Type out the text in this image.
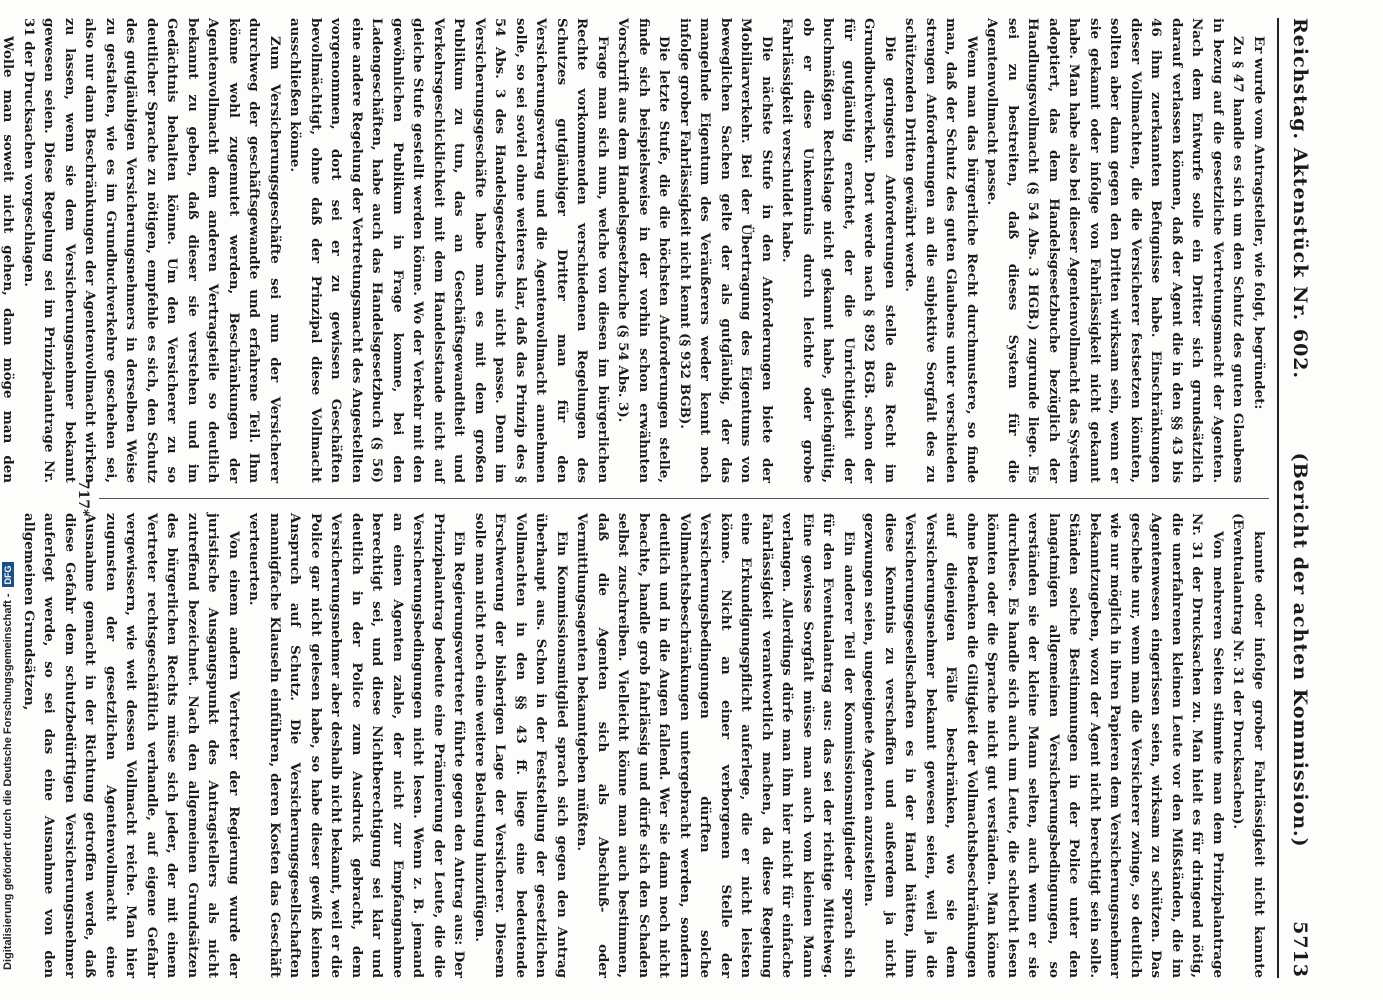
Digitalisierung gefördert durch die Deutsche Forschungsgemeinschaft -
DFG
Reichstag. Aktenstück Nr. 602.
(Bericht der achten Kommission.)
5713

Er wurde vom Antragsteller, wie folgt, begründet:

Zu § 47 handle es sich um den Schutz des guten Glaubens in bezug auf die gesetzliche Vertretungsmacht der Agenten. Nach dem Entwurfe solle ein Dritter sich grundsätzlich darauf verlassen können, daß der Agent die in den §§ 43 bis 46 ihm zuerkannten Befugnisse habe. Einschränkungen dieser Vollmachten, die die Versicherer festsetzen könnten, sollten aber dann gegen den Dritten wirksam sein, wenn er sie gekannt oder infolge von Fahrlässigkeit nicht gekannt habe. Man habe also bei dieser Agentenvollmacht das System adoptiert, das dem Handelsgesetzbuche bezüglich der Handlungsvollmacht (§ 54 Abs. 3 HGB.) zugrunde liege. Es sei zu bestreiten, daß dieses System für die Agentenvollmacht passe.

Wenn man das bürgerliche Recht durchmustere, so finde man, daß der Schutz des guten Glaubens unter verschieden strengen Anforderungen an die subjektive Sorgfalt des zu schützenden Dritten gewährt werde.

Die geringsten Anforderungen stelle das Recht im Grundbuchverkehr. Dort werde nach § 892 BGB. schon der für gutgläubig erachtet, der die Unrichtigkeit der buchmäßigen Rechtslage nicht gekannt habe, gleichgültig, ob er diese Unkenntnis durch leichte oder grobe Fahrlässigkeit verschuldet habe.

Die nächste Stufe in den Anforderungen biete der Mobiliarverkehr. Bei der Übertragung des Eigentums von beweglichen Sachen gelte der als gutgläubig, der das mangelnde Eigentum des Veräußerers weder kennt noch infolge grober Fahrlässigkeit nicht kennt (§ 932 BGB).

Die letzte Stufe, die die höchsten Anforderungen stelle, finde sich beispielsweise in der vorhin schon erwähnten Vorschrift aus dem Handelsgesetzbuche (§ 54 Abs. 3).

Frage man sich nun, welche von diesen im bürgerlichen Rechte vorkommenden verschiedenen Regelungen des Schutzes gutgläubiger Dritter man für den Versicherungsvertrag und die Agentenvollmacht annehmen solle, so sei soviel ohne weiteres klar, daß das Prinzip des § 54 Abs. 3 des Handelsgesetzbuchs nicht passe. Denn im Versicherungsgeschäfte habe man es mit dem großen Publikum zu tun, das an Geschäftsgewandtheit und Verkehrsgeschicklichkeit mit dem Handelsstande nicht auf gleiche Stufe gestellt werden könne. Wo der Verkehr mit den gewöhnlichen Publikum in Frage komme, bei den Ladengeschäften, habe auch das Handelsgesetzbuch (§ 56) eine andere Regelung der Vertretungsmacht des Angestellten vorgenommen, dort sei er zu gewissen Geschäften bevollmächtigt, ohne daß der Prinzipal diese Vollmacht ausschließen könne.

Zum Versicherungsgeschäfte sei nun der Versicherer durchweg der geschäftsgewandte und erfahrene Teil. Ihm könne wohl zugemutet werden, Beschränkungen der Agentenvollmacht dem anderen Vertragsteile so deutlich bekannt zu geben, daß dieser sie verstehen und im Gedächtnis behalten könne. Um den Versicherer zu so deutlicher Sprache zu nötigen, empfehle es sich, den Schutz des gutgläubigen Versicherungsnehmers in derselben Weise zu gestalten, wie es im Grundbuchverkehre geschehen sei, also nur dann Beschränkungen der Agentenvollmacht wirken zu lassen, wenn sie dem Versicherungsnehmer bekannt gewesen seien. Diese Regelung sei im Prinzipalantrage Nr. 31 der Drucksachen vorgeschlagen.

Wolle man soweit nicht gehen, dann möge man den

kannte oder infolge grober Fahrlässigkeit nicht kannte (Eventualantrag Nr. 31 der Drucksachen).

Von mehreren Seiten stimmte man dem Prinzipalantrage Nr. 31 der Drucksachen zu. Man hielt es für dringend nötig, die unerfahrenen kleinen Leute vor den Mißständen, die im Agentenwesen eingerissen seien, wirksam zu schützen. Das geschehe nur, wenn man die Versicherer zwinge, so deutlich wie nur möglich in ihren Papieren dem Versicherungsnehmer bekanntzugeben, wozu der Agent nicht berechtigt sein solle. Ständen solche Bestimmungen in der Police unter den langatmigen allgemeinen Versicherungsbedingungen, so verständen sie der kleine Mann selten, auch wenn er sie durchlese. Es handle sich auch um Leute, die schlecht lesen könnten oder die Sprache nicht gut verständen. Man könne ohne Bedenken die Giltigkeit der Vollmachtsbeschränkungen auf diejenigen Fälle beschränken, wo sie dem Versicherungsnehmer bekannt gewesen seien, weil ja die Versicherungsgesellschaften es in der Hand hätten, ihm diese Kenntnis zu verschaffen und außerdem ja nicht gezwungen seien, ungeeignete Agenten anzustellen.

Ein anderer Teil der Kommissionsmitglieder sprach sich für den Eventualantrag aus: das sei der richtige Mittelweg. Eine gewisse Sorgfalt müsse man auch vom kleinen Mann verlangen. Allerdings dürfe man ihm hier nicht für einfache Fahrlässigkeit verantwortlich machen, da diese Regelung eine Erkundigungspflicht auferlege, die er nicht leisten könne. Nicht an einer verborgenen Stelle der Versicherungsbedingungen dürften solche Vollmachtsbeschränkungen untergebracht werden, sondern deutlich und in die Augen fallend. Wer sie dann noch nicht beachte, handle grob fahrlässig und dürfe sich den Schaden selbst zuschreiben. Vielleicht könne man auch bestimmen, daß die Agenten sich als Abschluß- oder Vermittlungsagenten bekanntgeben müßten.

Ein Kommissionsmitglied sprach sich gegen den Antrag überhaupt aus. Schon in der Feststellung der gesetzlichen Vollmachten in den §§ 43 ff. liege eine bedeutende Erschwerung der bisherigen Lage der Versicherer. Diesem solle man nicht noch eine weitere Belastung hinzufügen.

Ein Regierungsvertreter führte gegen den Antrag aus: Der Prinzipalantrag bedeute eine Prämierung der Leute, die die Versicherungsbedingungen nicht lesen. Wenn z. B. jemand an einen Agenten zahle, der nicht zur Empfangnahme berechtigt sei, und diese Nichtberechtigung sei klar und deutlich in der Police zum Ausdruck gebracht, dem Versicherungsnehmer aber deshalb nicht bekannt, weil er die Police gar nicht gelesen habe, so habe dieser gewiß keinen Anspruch auf Schutz. Die Versicherungsgesellschaften mannigfache Klauseln einführen, deren Kosten das Geschäft verteuerten.

Von einem andern Vertreter der Regierung wurde der juristische Ausgangspunkt des Antragstellers als nicht zutreffend bezeichnet. Nach den allgemeinen Grundsätzen des bürgerlichen Rechts müsse sich jeder, der mit einem Vertreter rechtsgeschäftlich verhandle, auf eigene Gefahr vergewissern, wie weit dessen Vollmacht reiche. Man hier zugunsten der gesetzlichen Agentenvollmacht eine Ausnahme gemacht in der Richtung getroffen werde, daß diese Gefahr dem schutzbedürftigen Versicherungsnehmer auferlegt werde, so sei das eine Ausnahme von den allgemeinen Grundsätzen,

717*
